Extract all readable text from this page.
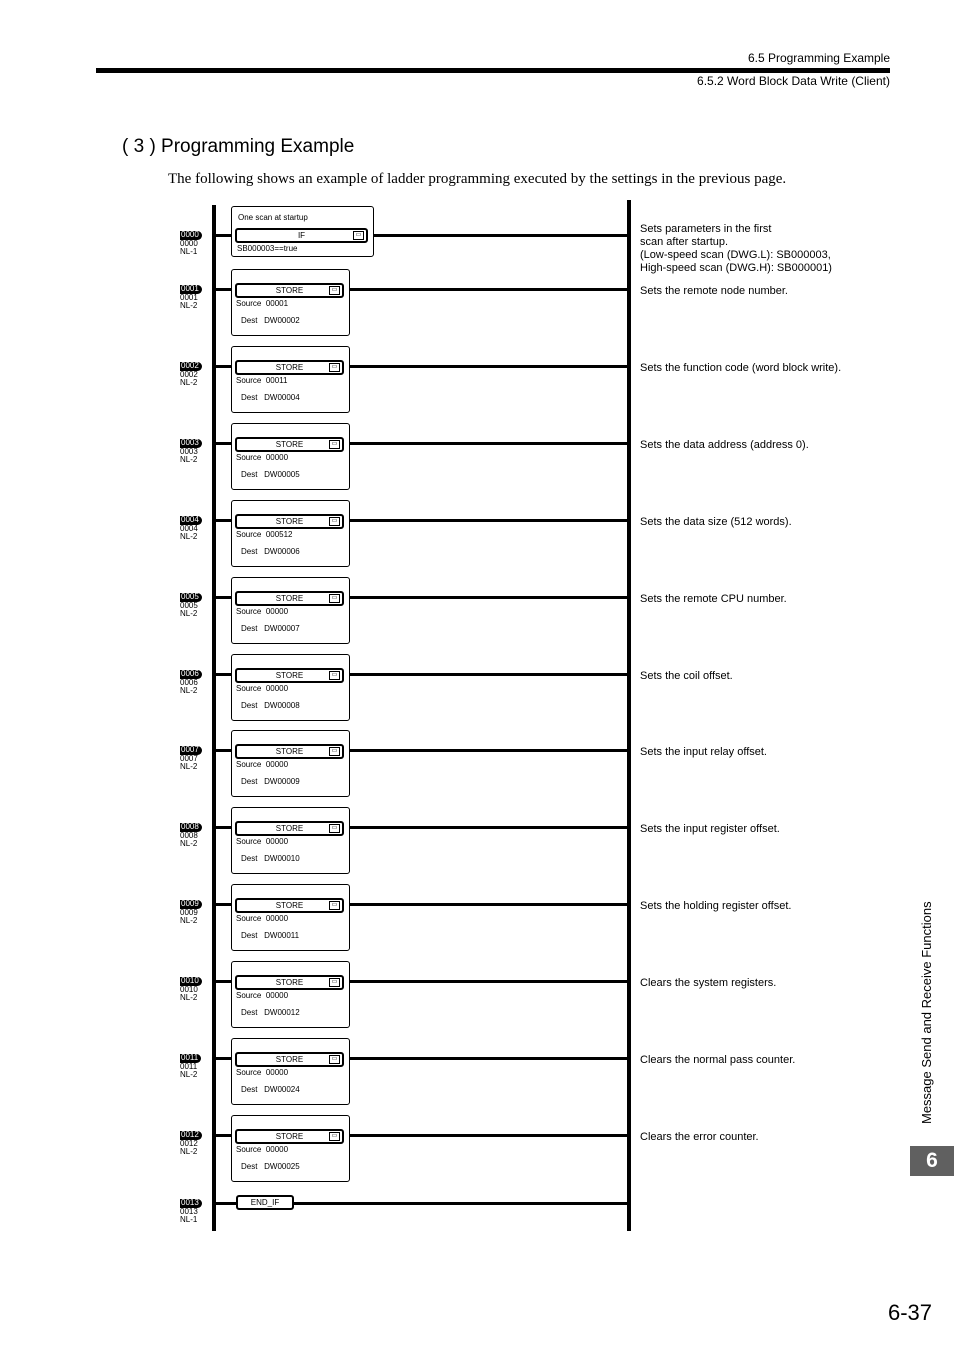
6.5 Programming Example
6.5.2 Word Block Data Write (Client)
( 3 ) Programming Example
The following shows an example of ladder programming executed by the settings in the previous page.
0000
0000
NL-1
One scan at startup
IF	▭
SB000003==true
Sets parameters in the first
scan after startup.
(Low-speed scan (DWG.L): SB000003,
High-speed scan (DWG.H): SB000001)
0001
0001
NL-2
STORE	▭
Source 00001
Dest DW00002
Sets the remote node number.
0002
0002
NL-2
STORE	▭
Source 00011
Dest DW00004
Sets the function code (word block write).
0003
0003
NL-2
STORE	▭
Source 00000
Dest DW00005
Sets the data address (address 0).
0004
0004
NL-2
STORE	▭
Source 000512
Dest DW00006
Sets the data size (512 words).
0005
0005
NL-2
STORE	▭
Source 00000
Dest DW00007
Sets the remote CPU number.
0006
0006
NL-2
STORE	▭
Source 00000
Dest DW00008
Sets the coil offset.
0007
0007
NL-2
STORE	▭
Source 00000
Dest DW00009
Sets the input relay offset.
0008
0008
NL-2
STORE	▭
Source 00000
Dest DW00010
Sets the input register offset.
0009
0009
NL-2
STORE	▭
Source 00000
Dest DW00011
Sets the holding register offset.
0010
0010
NL-2
STORE	▭
Source 00000
Dest DW00012
Clears the system registers.
0011
0011
NL-2
STORE	▭
Source 00000
Dest DW00024
Clears the normal pass counter.
0012
0012
NL-2
STORE	▭
Source 00000
Dest DW00025
Clears the error counter.
0013
0013
NL-1
END_IF
Message Send and Receive Functions
6
6-37
